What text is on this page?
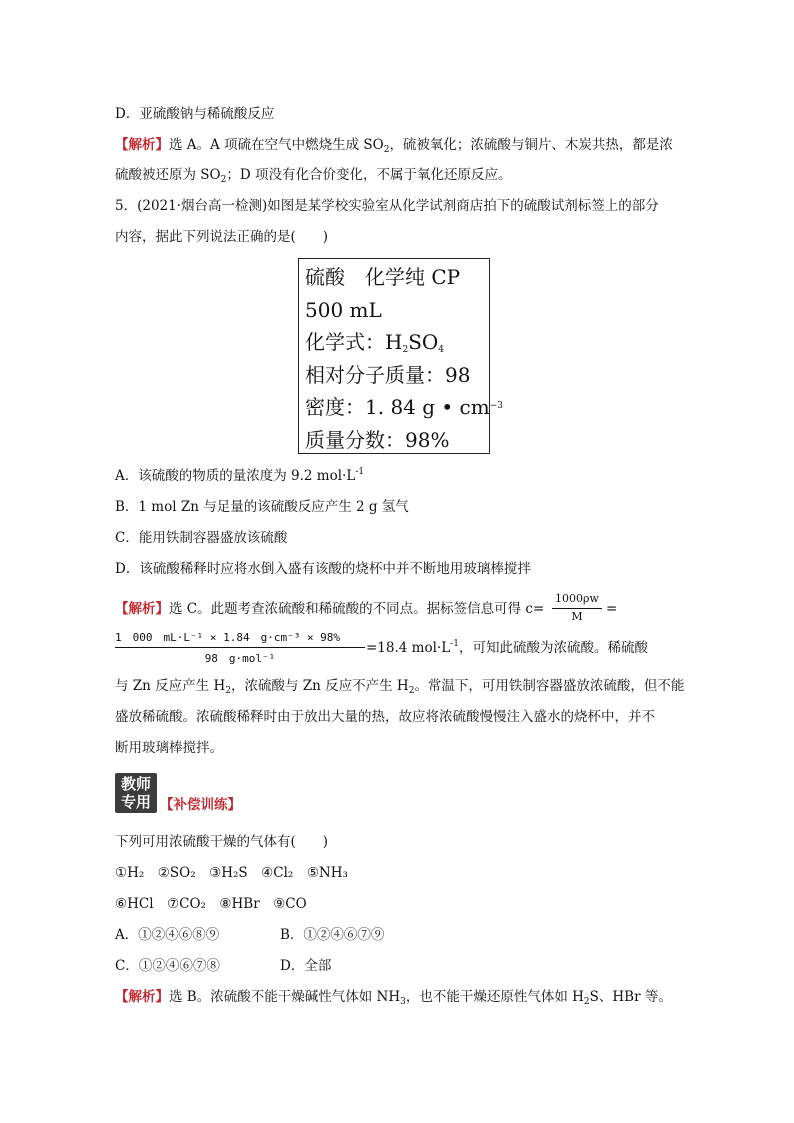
D．亚硫酸钠与稀硫酸反应
【解析】选 A。A 项硫在空气中燃烧生成 $SO_2$，硫被氧化；浓硫酸与铜片、木炭共热，都是浓
硫酸被还原为 $SO_2$；D 项没有化合价变化，不属于氧化还原反应。
5．(2021·烟台高一检测)如图是某学校实验室从化学试剂商店拍下的硫酸试剂标签上的部分
内容，据此下列说法正确的是(　　)
硫酸　化学纯 CP
500 mL
化学式：$H_2SO_4$
相对分子质量：98
密度：1. 84 g • $cm^{-3}$
质量分数：98%
A．该硫酸的物质的量浓度为 9.2 $mol\cdot L^{-1}$
B．1 mol Zn 与足量的该硫酸反应产生 2 g 氢气
C．能用铁制容器盛放该硫酸
D．该硫酸稀释时应将水倒入盛有该酸的烧杯中并不断地用玻璃棒搅拌
【解析】选 C。此题考查浓硫酸和稀硫酸的不同点。据标签信息可得 c=
1000ρw
M	=
1　000　mL·L⁻¹ × 1.84　g·cm⁻³ × 98%
98　g·mol⁻¹
=18.4 $mol\cdot L^{-1}$，可知此硫酸为浓硫酸。稀硫酸
与 Zn 反应产生 $H_2$，浓硫酸与 Zn 反应不产生 $H_2$。常温下，可用铁制容器盛放浓硫酸，但不能
盛放稀硫酸。浓硫酸稀释时由于放出大量的热，故应将浓硫酸慢慢注入盛水的烧杯中，并不
断用玻璃棒搅拌。
教师
专用 【补偿训练】
下列可用浓硫酸干燥的气体有(　　)
①H₂　②SO₂　③H₂S　④Cl₂　⑤NH₃
⑥HCl　⑦CO₂　⑧HBr　⑨CO
A．①②④⑥⑧⑨	B．①②④⑥⑦⑨
C．①②④⑥⑦⑧	D．全部
【解析】选 B。浓硫酸不能干燥碱性气体如 $NH_3$，也不能干燥还原性气体如 $H_2S$、HBr 等。
